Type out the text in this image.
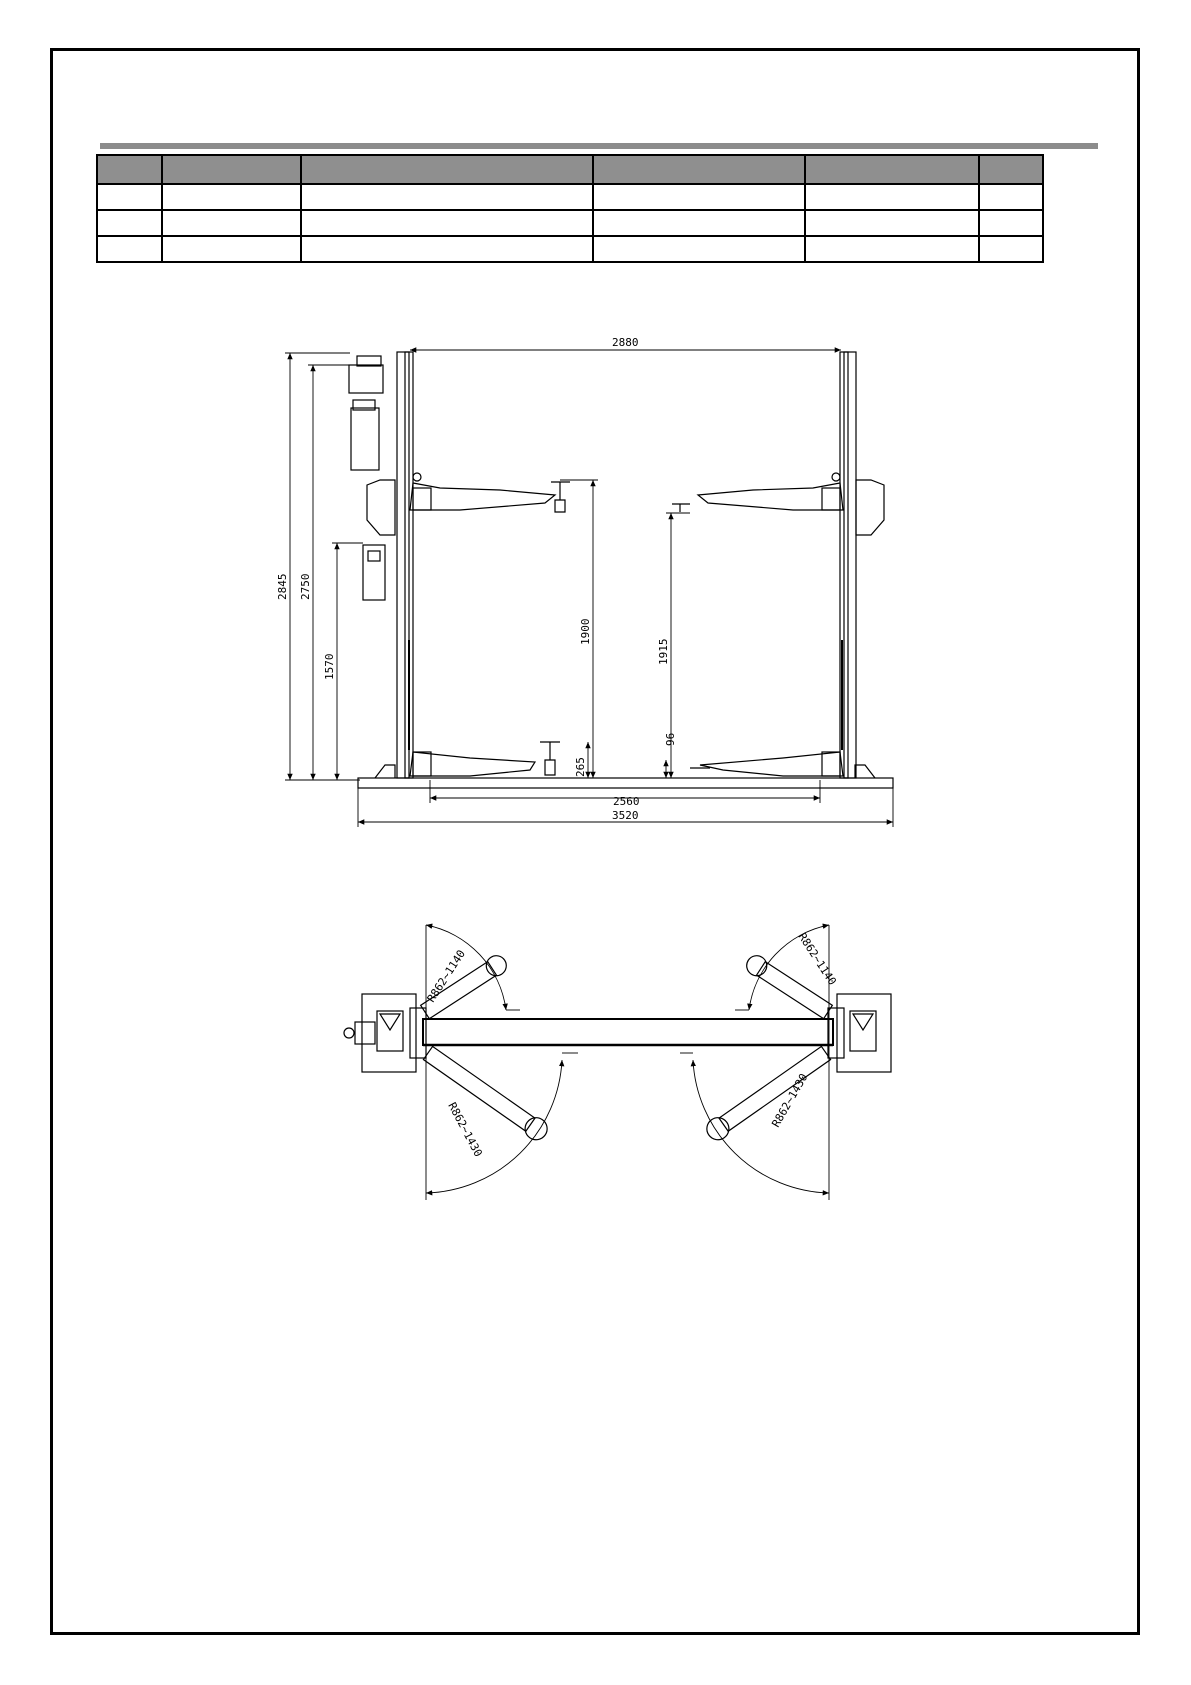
2880
2845 2750
1570
1900
1915
265
96
2560
3520
R862~1140	R862~1140
R862~1430	R862~1430
